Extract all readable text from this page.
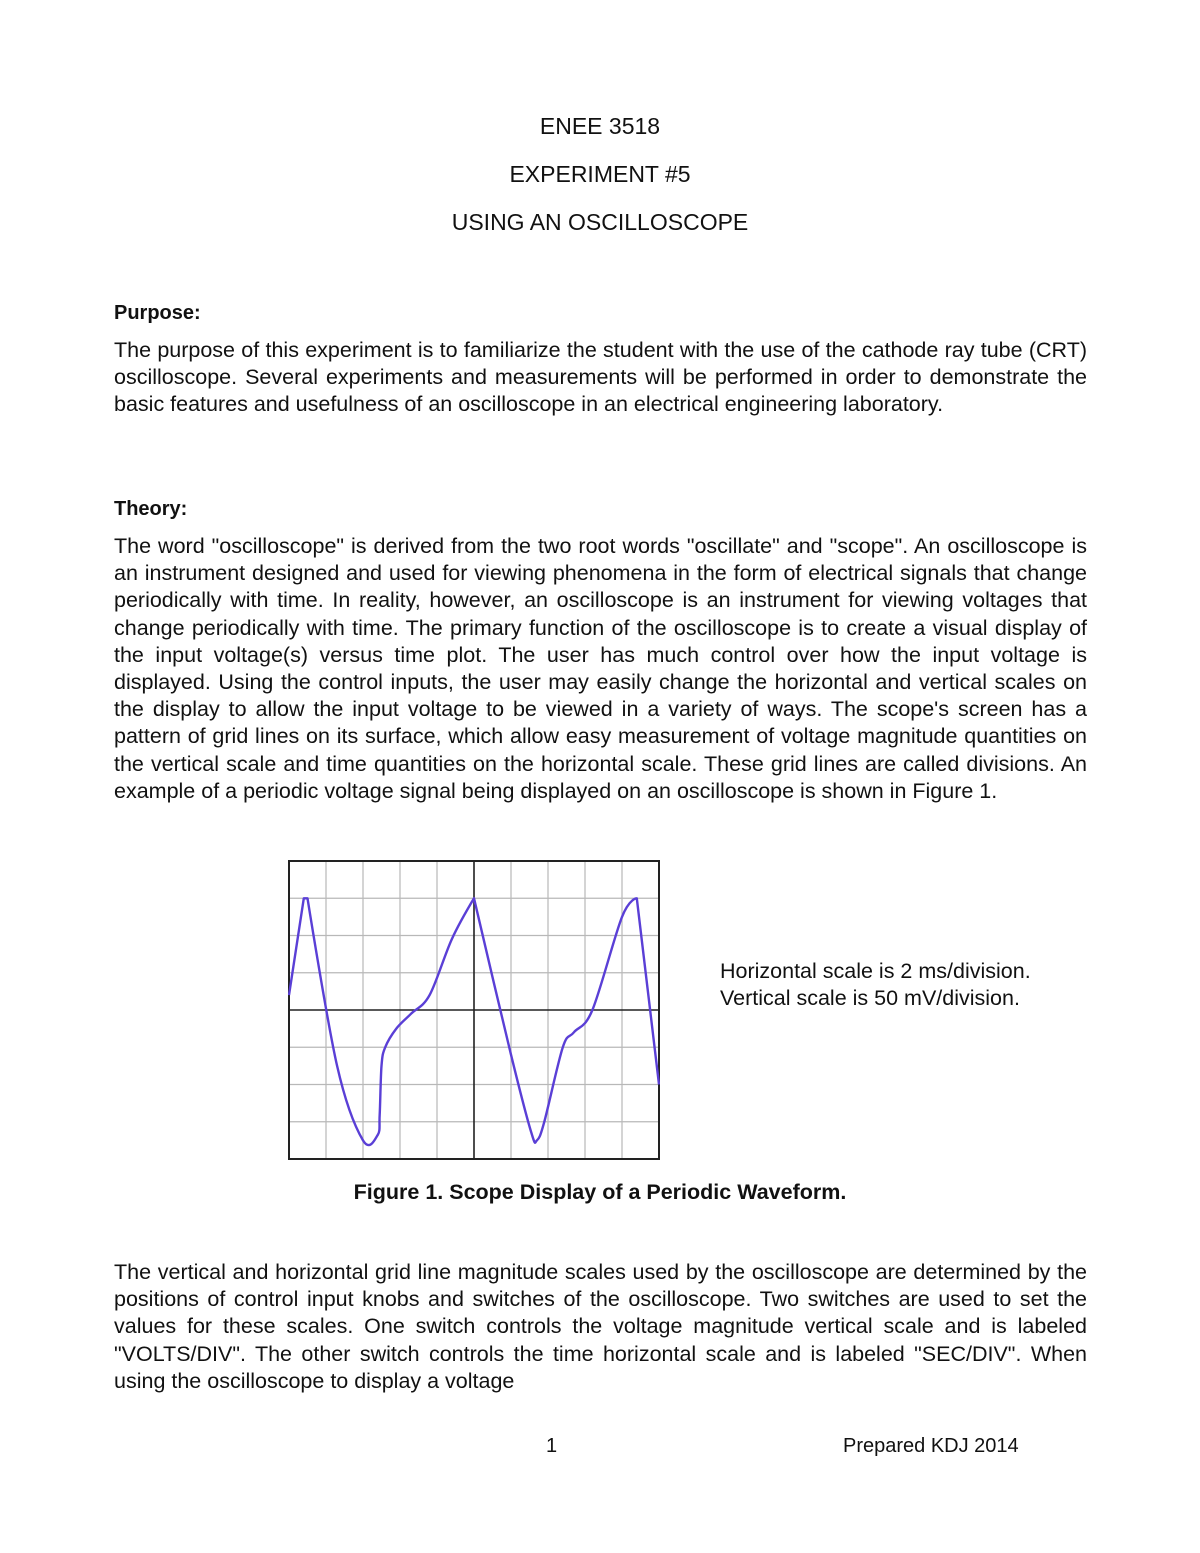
ENEE 3518
EXPERIMENT #5
USING AN OSCILLOSCOPE
Purpose:

The purpose of this experiment is to familiarize the student with the use of the cathode ray tube (CRT) oscilloscope. Several experiments and measurements will be performed in order to demonstrate the basic features and usefulness of an oscilloscope in an electrical engineering laboratory.

Theory:

The word "oscilloscope" is derived from the two root words "oscillate" and "scope". An oscilloscope is an instrument designed and used for viewing phenomena in the form of electrical signals that change periodically with time. In reality, however, an oscilloscope is an instrument for viewing voltages that change periodically with time. The primary function of the oscilloscope is to create a visual display of the input voltage(s) versus time plot. The user has much control over how the input voltage is displayed. Using the control inputs, the user may easily change the horizontal and vertical scales on the display to allow the input voltage to be viewed in a variety of ways. The scope's screen has a pattern of grid lines on its surface, which allow easy measurement of voltage magnitude quantities on the vertical scale and time quantities on the horizontal scale. These grid lines are called divisions. An example of a periodic voltage signal being displayed on an oscilloscope is shown in Figure 1.

Horizontal scale is 2 ms/division.
Vertical scale is 50 mV/division.
Figure 1. Scope Display of a Periodic Waveform.

The vertical and horizontal grid line magnitude scales used by the oscilloscope are determined by the positions of control input knobs and switches of the oscilloscope. Two switches are used to set the values for these scales. One switch controls the voltage magnitude vertical scale and is labeled "VOLTS/DIV". The other switch controls the time horizontal scale and is labeled "SEC/DIV". When using the oscilloscope to display a voltage

1	Prepared KDJ 2014
